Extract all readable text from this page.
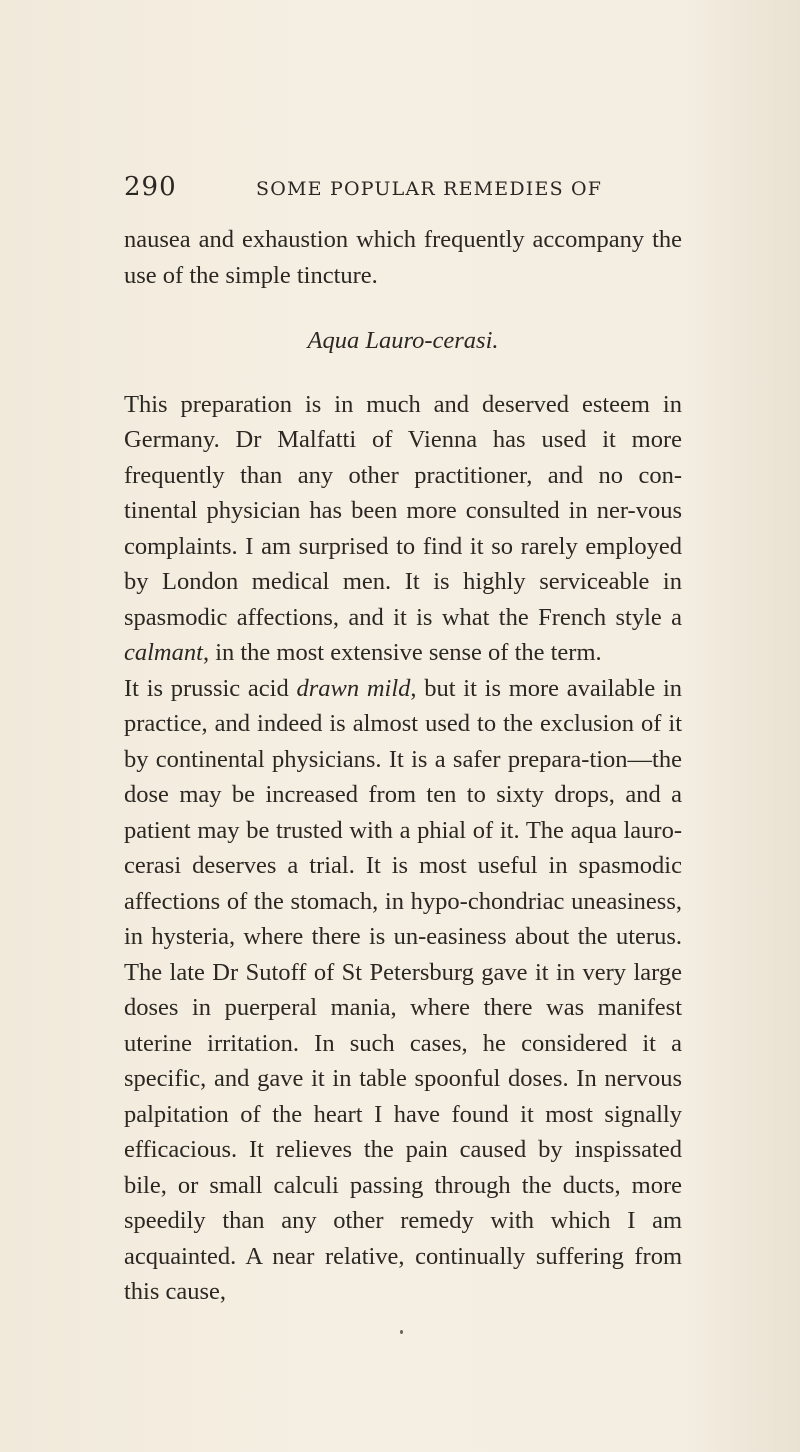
290	SOME POPULAR REMEDIES OF

nausea and exhaustion which frequently accompany the use of the simple tincture.

Aqua Lauro-cerasi.

This preparation is in much and deserved esteem in Germany. Dr Malfatti of Vienna has used it more frequently than any other practitioner, and no con-tinental physician has been more consulted in ner-vous complaints. I am surprised to find it so rarely employed by London medical men. It is highly serviceable in spasmodic affections, and it is what the French style a calmant, in the most extensive sense of the term.

It is prussic acid drawn mild, but it is more available in practice, and indeed is almost used to the exclusion of it by continental physicians. It is a safer prepara-tion—the dose may be increased from ten to sixty drops, and a patient may be trusted with a phial of it. The aqua lauro-cerasi deserves a trial. It is most useful in spasmodic affections of the stomach, in hypo-chondriac uneasiness, in hysteria, where there is un-easiness about the uterus. The late Dr Sutoff of St Petersburg gave it in very large doses in puerperal mania, where there was manifest uterine irritation. In such cases, he considered it a specific, and gave it in table spoonful doses. In nervous palpitation of the heart I have found it most signally efficacious. It relieves the pain caused by inspissated bile, or small calculi passing through the ducts, more speedily than any other remedy with which I am acquainted. A near relative, continually suffering from this cause,
